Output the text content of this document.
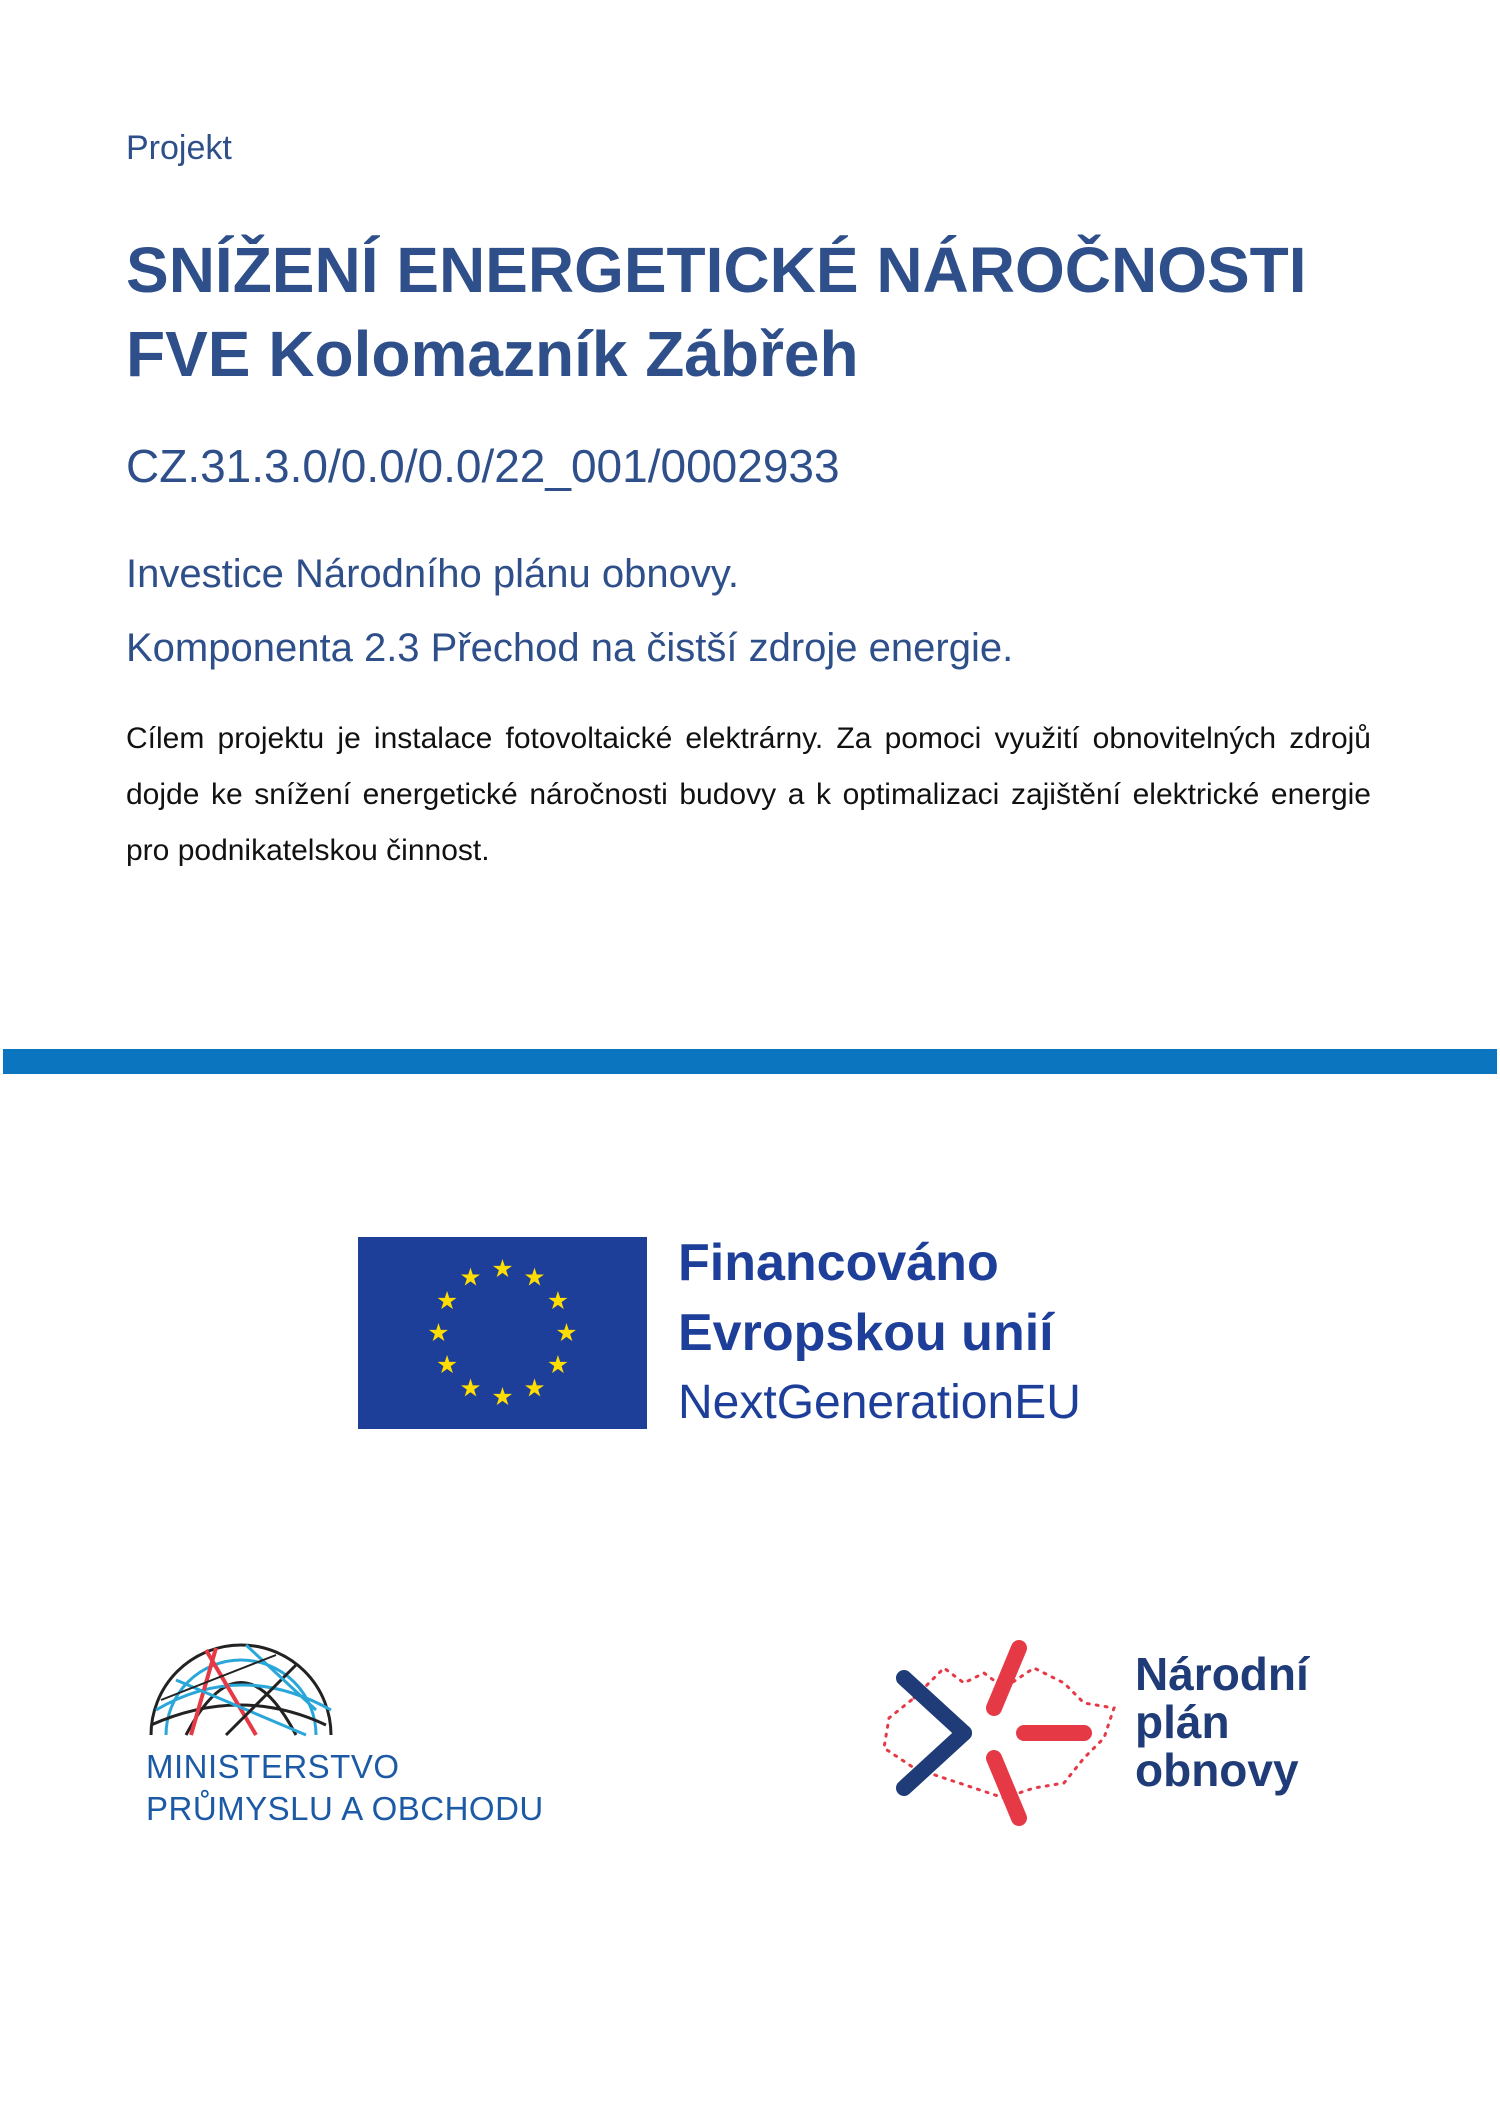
Projekt
SNÍŽENÍ ENERGETICKÉ NÁROČNOSTI
FVE Kolomazník Zábřeh
CZ.31.3.0/0.0/0.0/22_001/0002933
Investice Národního plánu obnovy.
Komponenta 2.3 Přechod na čistší zdroje energie.
Cílem projektu je instalace fotovoltaické elektrárny. Za pomoci využití obnovitelných zdrojů dojde ke snížení energetické náročnosti budovy a k optimalizaci zajištění elektrické energie pro podnikatelskou činnost.
Financováno
Evropskou unií
NextGenerationEU
MINISTERSTVO
PRŮMYSLU A OBCHODU
Národní
plán
obnovy
